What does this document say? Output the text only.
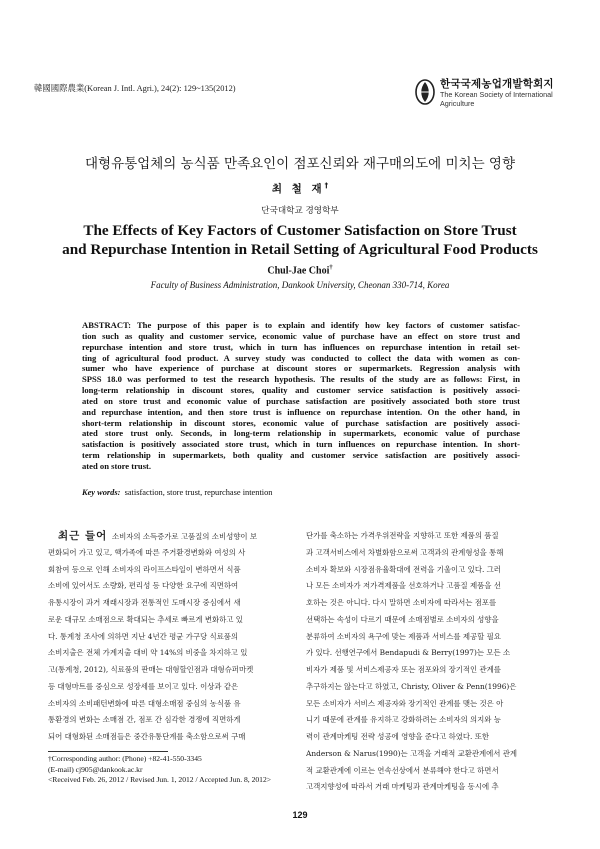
韓國國際農業(Korean J. Intl. Agri.), 24(2): 129~135(2012)	한국국제농업개발학회지
The Korean Society of International Agriculture
대형유통업체의 농식품 만족요인이 점포신뢰와 재구매의도에 미치는 영향
최 철 재†
단국대학교 경영학부
The Effects of Key Factors of Customer Satisfaction on Store Trust
and Repurchase Intention in Retail Setting of Agricultural Food Products
Chul-Jae Choi†
Faculty of Business Administration, Dankook University, Cheonan 330-714, Korea
ABSTRACT: The purpose of this paper is to explain and identify how key factors of customer satisfac-
tion such as quality and customer service, economic value of purchase have an effect on store trust and
repurchase intention and store trust, which in turn has influences on repurchase intention in retail set-
ting of agricultural food product. A survey study was conducted to collect the data with women as con-
sumer who have experience of purchase at discount stores or supermarkets. Regression analysis with
SPSS 18.0 was performed to test the research hypothesis. The results of the study are as follows: First, in
long-term relationship in discount stores, quality and customer service satisfaction is positively associ-
ated on store trust and economic value of purchase satisfaction are positively associated both store trust
and repurchase intention, and then store trust is influence on repurchase intention. On the other hand, in
short-term relationship in discount stores, economic value of purchase satisfaction are positively associ-
ated store trust only. Seconds, in long-term relationship in supermarkets, economic value of purchase
satisfaction is positively associated store trust, which in turn influences on repurchase intention. In short-
term relationship in supermarkets, both quality and customer service satisfaction are positively associ-
ated on store trust.
Key words: satisfaction, store trust, repurchase intention
최근 들어 소비자의 소득증가로 고품질의 소비성향이 보
편화되어 가고 있고, 핵가족에 따른 주거환경변화와 여성의 사
회참여 등으로 인해 소비자의 라이프스타일이 변하면서 식품
소비에 있어서도 소량화, 편리성 등 다양한 요구에 직면하여
유통시장이 과거 재래시장과 전통적인 도매시장 중심에서 새
로운 대규모 소매점으로 확대되는 추세로 빠르게 변화하고 있
다. 통계청 조사에 의하면 지난 4년간 평균 가구당 식료품의
소비지출은 전체 가계지출 대비 약 14%의 비중을 차지하고 있
고(통계청, 2012), 식료품의 판매는 대형할인점과 대형슈퍼마켓
등 대형마트를 중심으로 성장세를 보이고 있다. 이상과 같은
소비자의 소비패턴변화에 따른 대형소매점 중심의 농식품 유
통환경의 변화는 소매점 간, 점포 간 심각한 경쟁에 직면하게
되어 대형화된 소매점들은 중간유통단계를 축소함으로써 구매
단가를 축소하는 가격우위전략을 지향하고 또한 제품의 품질
과 고객서비스에서 차별화함으로써 고객과의 관계형성을 통해
소비자 확보와 시장점유율확대에 전력을 기울이고 있다. 그러
나 모든 소비자가 저가격제품을 선호하거나 고품질 제품을 선
호하는 것은 아니다. 다시 말하면 소비자에 따라서는 점포를
선택하는 속성이 다르기 때문에 소매점별로 소비자의 성향을
분류하여 소비자의 욕구에 맞는 제품과 서비스를 제공할 필요
가 있다. 선행연구에서 Bendapudi & Berry(1997)는 모든 소
비자가 제품 및 서비스제공자 또는 점포와의 장기적인 관계를
추구하지는 않는다고 하였고, Christy, Oliver & Penn(1996)은
모든 소비자가 서비스 제공자와 장기적인 관계를 맺는 것은 아
니기 때문에 관계를 유지하고 강화하려는 소비자의 의지와 능
력이 관계마케팅 전략 성공에 영향을 준다고 하였다. 또한
Anderson & Narus(1990)는 고객을 거래적 교환관계에서 관계
적 교환관계에 이르는 연속선상에서 분류해야 한다고 하면서
고객지향성에 따라서 거래 마케팅과 관계마케팅을 동시에 추
†Corresponding author: (Phone) +82-41-550-3345
(E-mail) cj905@dankook.ac.kr
<Received Feb. 26, 2012 / Revised Jun. 1, 2012 / Accepted Jun. 8, 2012>
129
